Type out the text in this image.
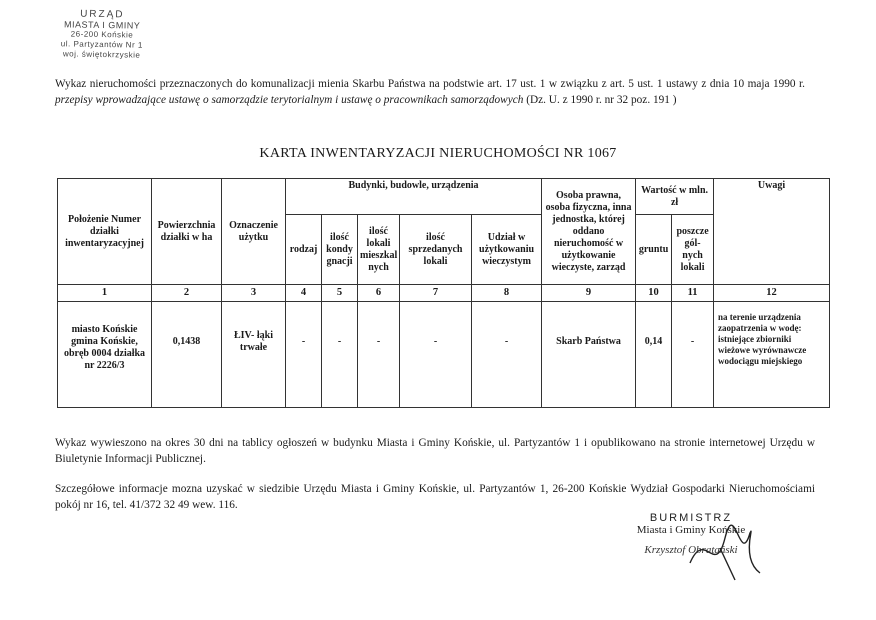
URZĄD
MIASTA I GMINY
26-200 Końskie
ul. Partyzantów Nr 1
woj. świętokrzyskie
Wykaz nieruchomości przeznaczonych do komunalizacji mienia Skarbu Państwa na podstwie art. 17 ust. 1 w związku z art. 5 ust. 1 ustawy z dnia 10 maja 1990 r. przepisy wprowadzające ustawę o samorządzie terytorialnym i ustawę o pracownikach samorządowych (Dz. U. z 1990 r. nr 32 poz. 191 )
KARTA INWENTARYZACJI NIERUCHOMOŚCI NR 1067
Położenie Numer działki inwentaryzacyjnej	Powierzchnia działki w ha	Oznaczenie użytku	Budynki, budowle, urządzenia					Osoba prawna, osoba fizyczna, inna jednostka, której oddano nieruchomość w użytkowanie wieczyste, zarząd	Wartość w mln. zł		Uwagi
			rodzaj	ilość kondy gnacji	ilość lokali mieszkal nych	ilość sprzedanych lokali	Udział w użytkowaniu wieczystym		gruntu	poszcze gól- nych lokali	
1	2	3	4	5	6	7	8	9	10	11	12
miasto Końskie gmina Końskie, obręb 0004 działka nr 2226/3	0,1438	ŁIV- łąki trwałe	-	-	-	-	-	Skarb Państwa	0,14	-	na terenie urządzenia zaopatrzenia w wodę: istniejące zbiorniki wieżowe wyrównawcze wodociągu miejskiego
Wykaz wywieszono na okres 30 dni na tablicy ogłoszeń w budynku Miasta i Gminy Końskie, ul. Partyzantów 1 i opublikowano na stronie internetowej Urzędu w Biuletynie Informacji Publicznej.
Szczegółowe informacje mozna uzyskać w siedzibie Urzędu Miasta i Gminy Końskie, ul. Partyzantów 1, 26-200 Końskie Wydział Gospodarki Nieruchomościami pokój nr 16, tel. 41/372 32 49 wew. 116.
BURMISTRZ
Miasta i Gminy Końskie
Krzysztof Obratański
